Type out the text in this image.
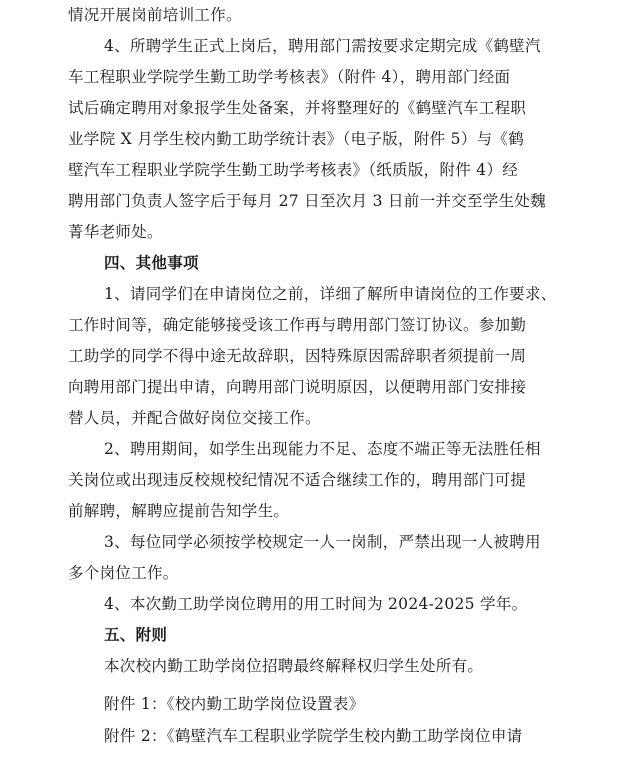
情况开展岗前培训工作。
4、所聘学生正式上岗后，聘用部门需按要求定期完成《鹤壁汽
车工程职业学院学生勤工助学考核表》（附件 4），聘用部门经面
试后确定聘用对象报学生处备案，并将整理好的《鹤壁汽车工程职
业学院 X 月学生校内勤工助学统计表》（电子版，附件 5）与《鹤
壁汽车工程职业学院学生勤工助学考核表》（纸质版，附件 4）经
聘用部门负责人签字后于每月 27 日至次月 3 日前一并交至学生处魏
菁华老师处。
四、其他事项
1、请同学们在申请岗位之前，详细了解所申请岗位的工作要求、
工作时间等，确定能够接受该工作再与聘用部门签订协议。参加勤
工助学的同学不得中途无故辞职，因特殊原因需辞职者须提前一周
向聘用部门提出申请，向聘用部门说明原因，以便聘用部门安排接
替人员，并配合做好岗位交接工作。
2、聘用期间，如学生出现能力不足、态度不端正等无法胜任相
关岗位或出现违反校规校纪情况不适合继续工作的，聘用部门可提
前解聘，解聘应提前告知学生。
3、每位同学必须按学校规定一人一岗制，严禁出现一人被聘用
多个岗位工作。
4、本次勤工助学岗位聘用的用工时间为 2024-2025 学年。
五、附则
本次校内勤工助学岗位招聘最终解释权归学生处所有。
附件 1：《校内勤工助学岗位设置表》
附件 2：《鹤壁汽车工程职业学院学生校内勤工助学岗位申请
